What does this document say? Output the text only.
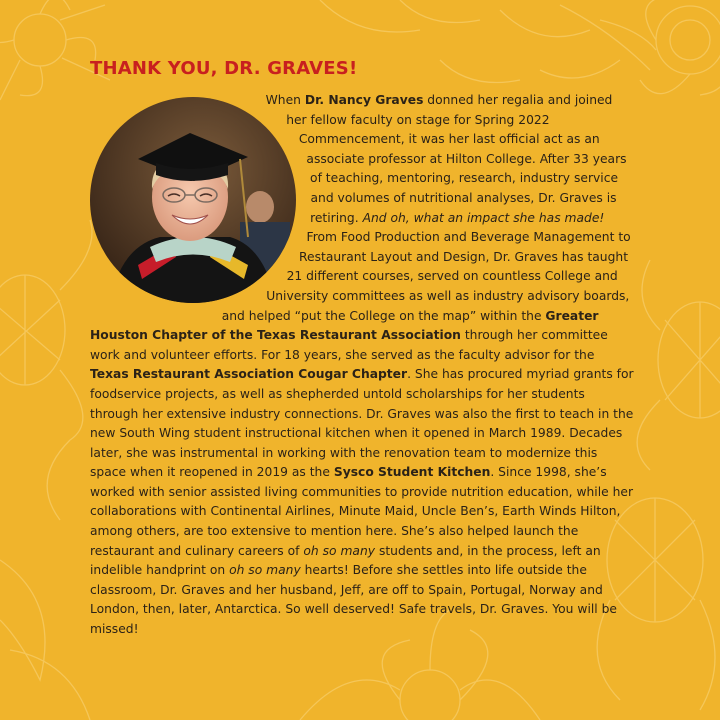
THANK YOU, DR. GRAVES!

When Dr. Nancy Graves donned her regalia and joined her fellow faculty on stage for Spring 2022 Commencement, it was her last official act as an associate professor at Hilton College. After 33 years of teaching, mentoring, research, industry service and volumes of nutritional analyses, Dr. Graves is retiring. And oh, what an impact she has made! From Food Production and Beverage Management to Restaurant Layout and Design, Dr. Graves has taught 21 different courses, served on countless College and University committees as well as industry advisory boards, and helped “put the College on the map” within the Greater Houston Chapter of the Texas Restaurant Association through her committee work and volunteer efforts. For 18 years, she served as the faculty advisor for the Texas Restaurant Association Cougar Chapter. She has procured myriad grants for foodservice projects, as well as shepherded untold scholarships for her students through her extensive industry connections. Dr. Graves was also the first to teach in the new South Wing student instructional kitchen when it opened in March 1989. Decades later, she was instrumental in working with the renovation team to modernize this space when it reopened in 2019 as the Sysco Student Kitchen. Since 1998, she’s worked with senior assisted living communities to provide nutrition education, while her collaborations with Continental Airlines, Minute Maid, Uncle Ben’s, Earth Winds Hilton, among others, are too extensive to mention here. She’s also helped launch the restaurant and culinary careers of oh so many students and, in the process, left an indelible handprint on oh so many hearts! Before she settles into life outside the classroom, Dr. Graves and her husband, Jeff, are off to Spain, Portugal, Norway and London, then, later, Antarctica. So well deserved! Safe travels, Dr. Graves. You will be missed!
